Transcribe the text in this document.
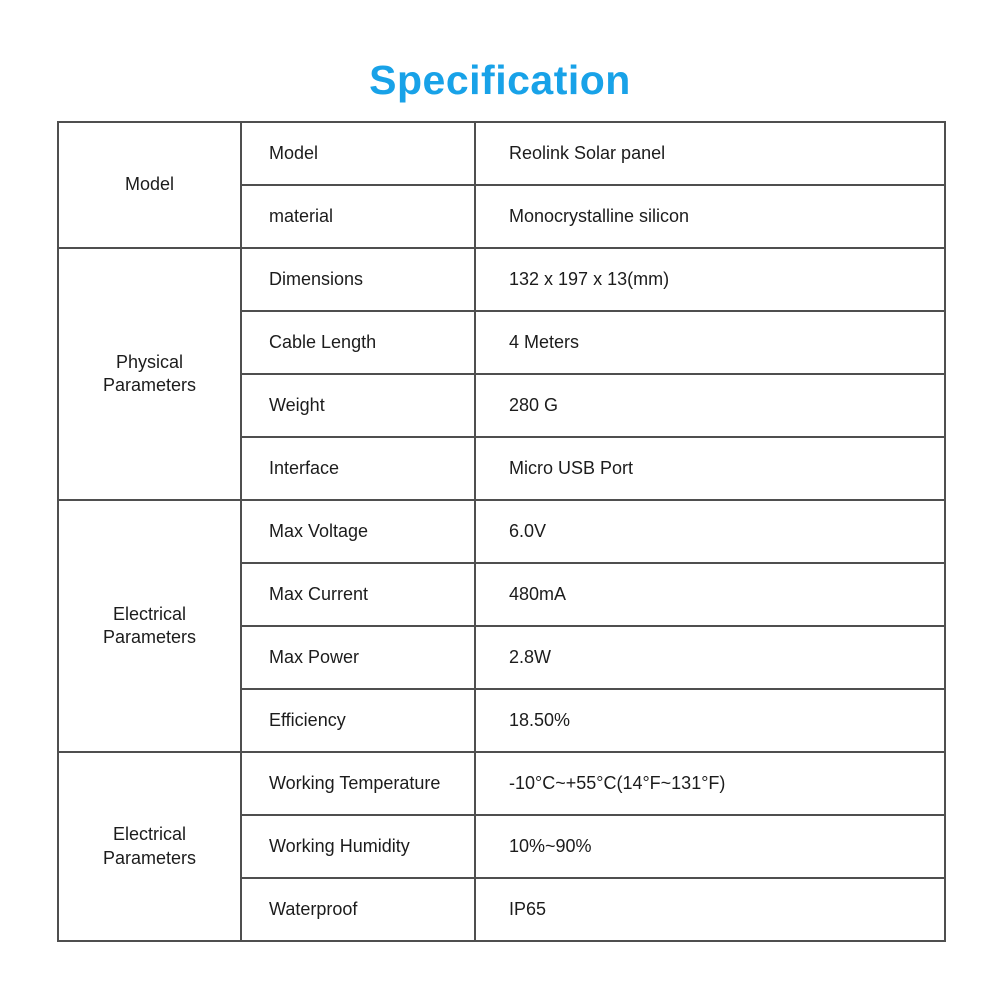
Specification
Model	Model	Reolink Solar panel
	material	Monocrystalline silicon
Physical Parameters	Dimensions	132 x 197 x 13(mm)
	Cable Length	4 Meters
	Weight	280 G
	Interface	Micro USB Port
Electrical Parameters	Max Voltage	6.0V
	Max Current	480mA
	Max Power	2.8W
	Efficiency	18.50%
Electrical Parameters	Working Temperature	-10°C~+55°C(14°F~131°F)
	Working Humidity	10%~90%
	Waterproof	IP65
